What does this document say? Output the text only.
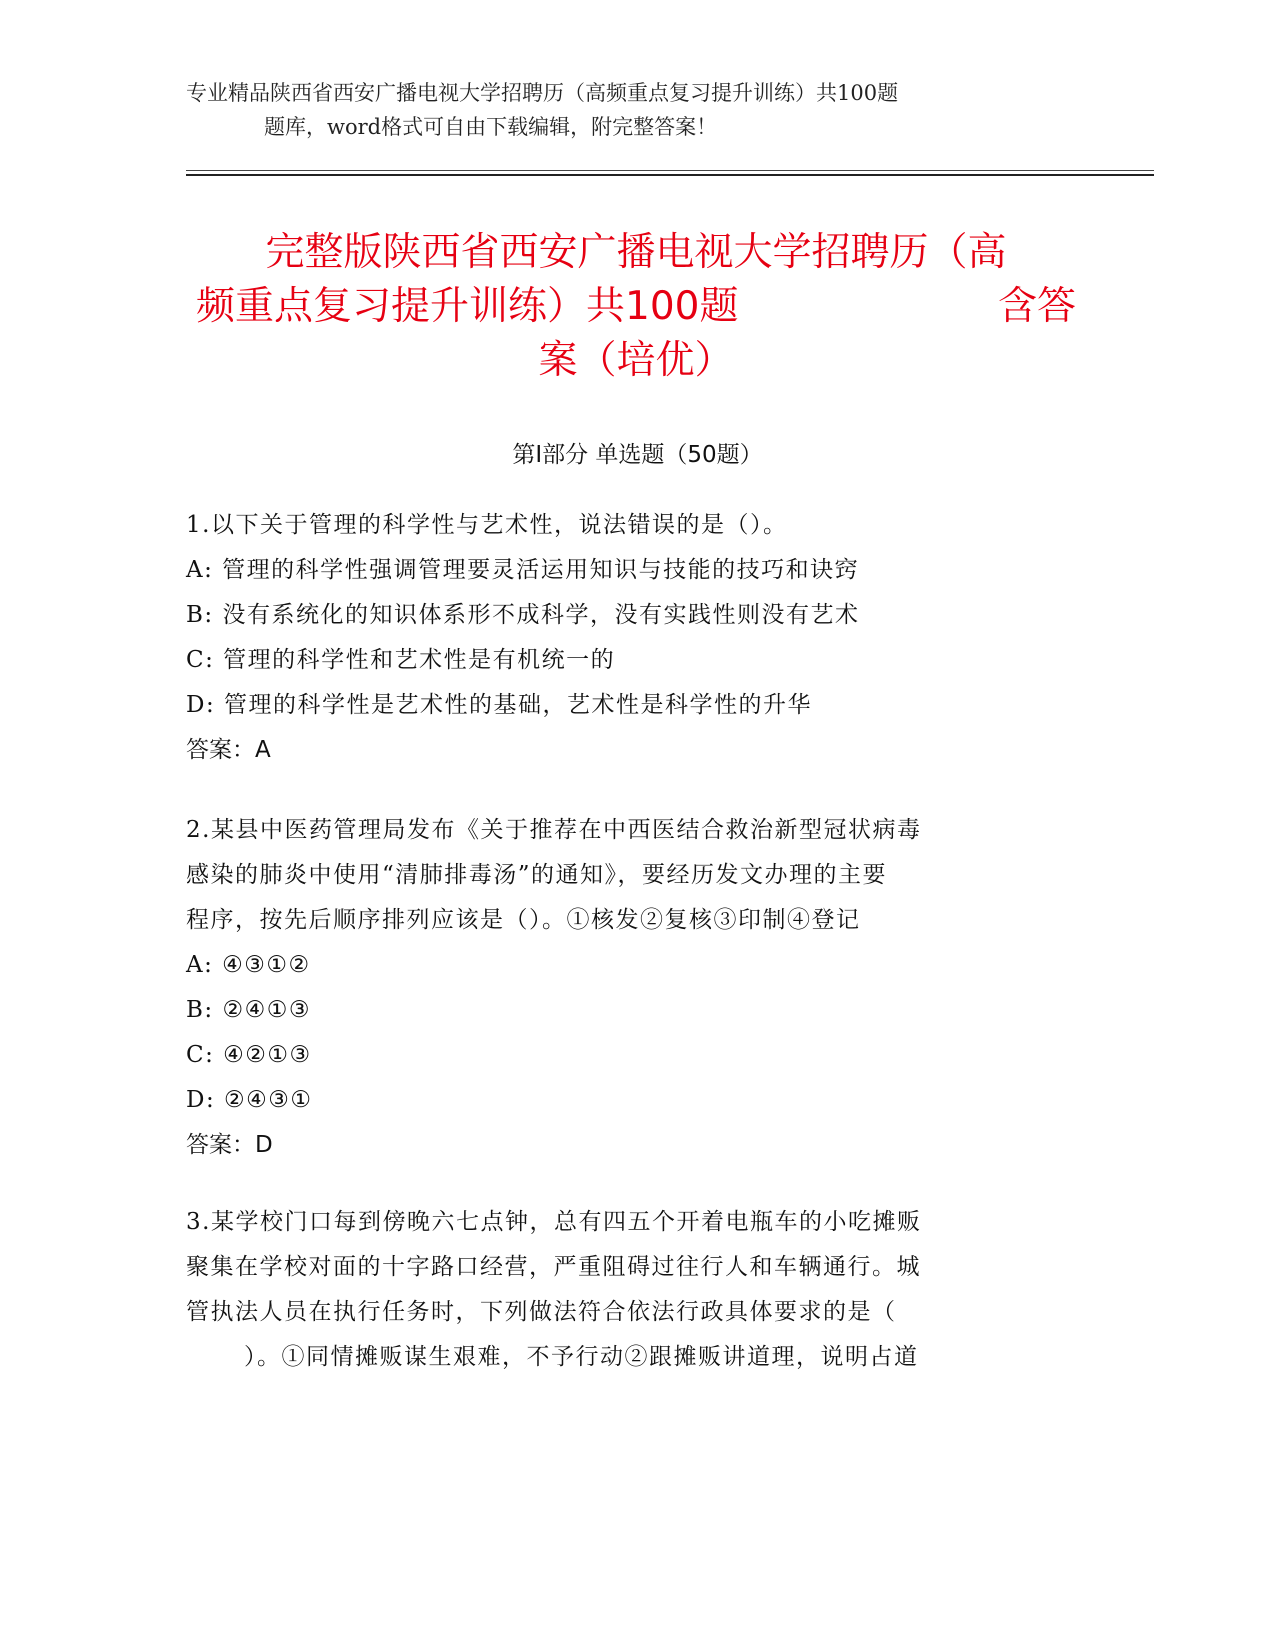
专业精品陕西省西安广播电视大学招聘历（高频重点复习提升训练）共100题
题库，word格式可自由下载编辑，附完整答案！
完整版陕西省西安广播电视大学招聘历（高
频重点复习提升训练）共100题	含答
案（培优）
第Ⅰ部分 单选题（50题）
1.以下关于管理的科学性与艺术性，说法错误的是（）。
A: 管理的科学性强调管理要灵活运用知识与技能的技巧和诀窍
B: 没有系统化的知识体系形不成科学，没有实践性则没有艺术
C: 管理的科学性和艺术性是有机统一的
D: 管理的科学性是艺术性的基础，艺术性是科学性的升华
答案：A
2.某县中医药管理局发布《关于推荐在中西医结合救治新型冠状病毒
感染的肺炎中使用“清肺排毒汤”的通知》，要经历发文办理的主要
程序，按先后顺序排列应该是（）。①核发②复核③印制④登记
A: ④③①②
B: ②④①③
C: ④②①③
D: ②④③①
答案：D
3.某学校门口每到傍晚六七点钟，总有四五个开着电瓶车的小吃摊贩
聚集在学校对面的十字路口经营，严重阻碍过往行人和车辆通行。城
管执法人员在执行任务时，下列做法符合依法行政具体要求的是（
）。①同情摊贩谋生艰难，不予行动②跟摊贩讲道理，说明占道
